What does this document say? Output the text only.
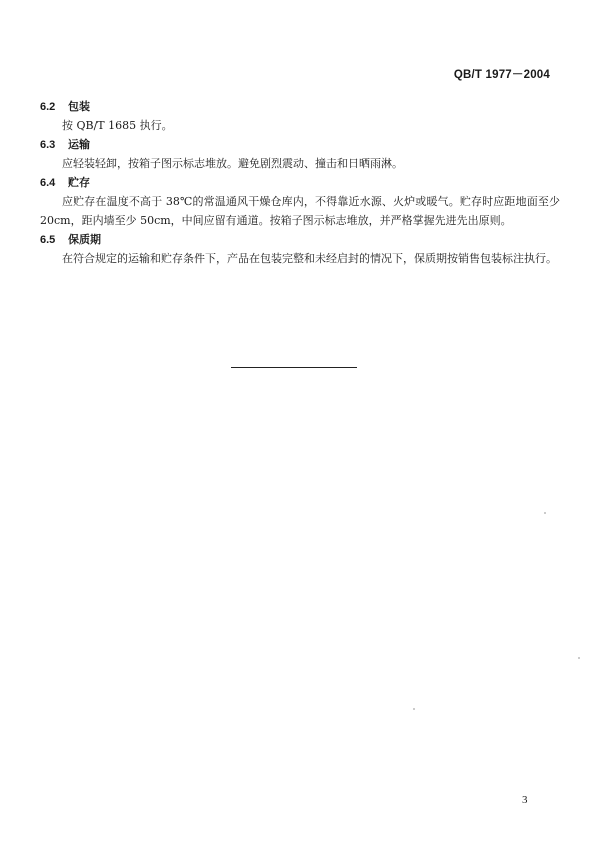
QB/T 1977－2004
6.2 包装

按 QB/T 1685 执行。

6.3 运输

应轻装轻卸，按箱子图示标志堆放。避免剧烈震动、撞击和日晒雨淋。

6.4 贮存

应贮存在温度不高于 38℃的常温通风干燥仓库内，不得靠近水源、火炉或暖气。贮存时应距地面至少 20cm，距内墙至少 50cm，中间应留有通道。按箱子图示标志堆放，并严格掌握先进先出原则。

6.5 保质期

在符合规定的运输和贮存条件下，产品在包装完整和未经启封的情况下，保质期按销售包装标注执行。

3
